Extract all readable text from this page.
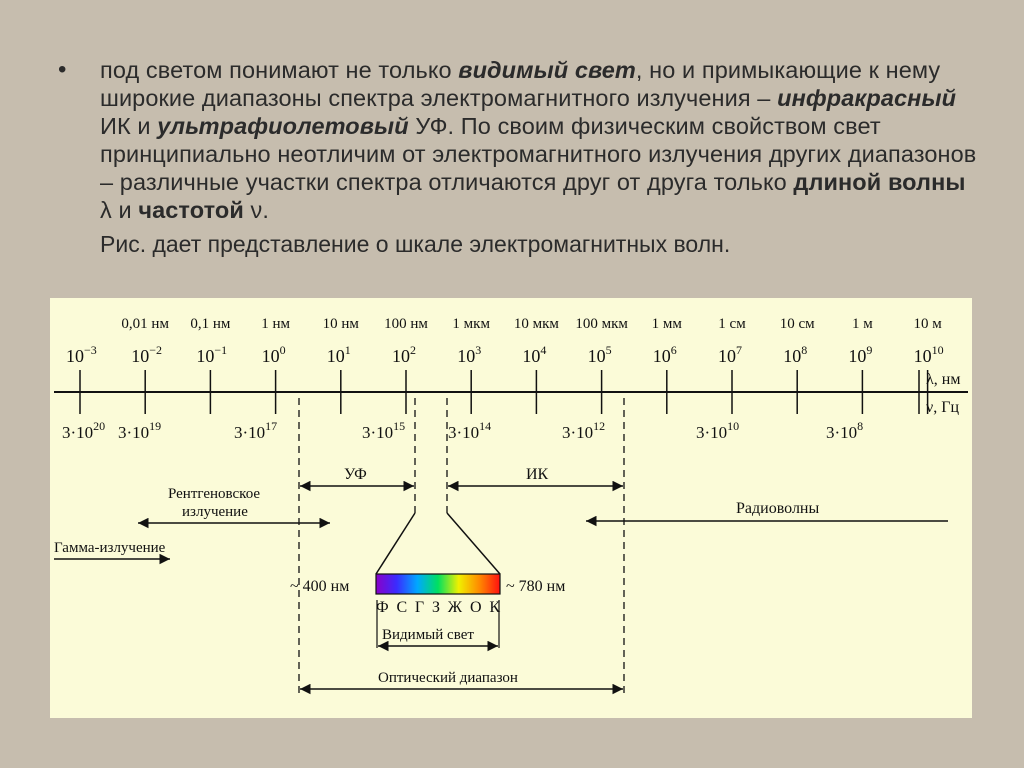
•	под светом понимают не только видимый свет, но и примыкающие к нему широкие диапазоны спектра электромагнитного излучения – инфракрасный ИК и ультрафиолетовый УФ. По своим физическим свойством свет принципиально неотличим от электромагнитного излучения других диапазонов – различные участки спектра отличаются друг от друга только длиной волны λ и частотой ν.
Рис. дает представление о шкале электромагнитных волн.
0,01 нм 0,1 нм 1 нм 10 нм 100 нм 1 мкм 10 мкм 100 мкм 1 мм 1 см 10 см 1 м	10 м
$10^{-3}$ $10^{-2}$ $10^{-1}$ $10^0$ $10^1$ $10^2$ $10^3$ $10^4$ $10^5$ $10^6$ $10^7$ $10^8$ $10^9$ $10^{10}$
$3\cdot 10^{20}$ $3\cdot 10^{19}$	$3\cdot 10^{17}$	$3\cdot 10^{15}$	$3\cdot 10^{14}$	$3\cdot 10^{12}$	$3\cdot 10^{10}$	$3\cdot 10^8$
λ, нм
ν, Гц
УФ	ИК
Рентгеновское
излучение
Гамма-излучение
Радиоволны
~ 400 нм	~ 780 нм
Ф С Г З Ж О К
Видимый свет
Оптический диапазон
